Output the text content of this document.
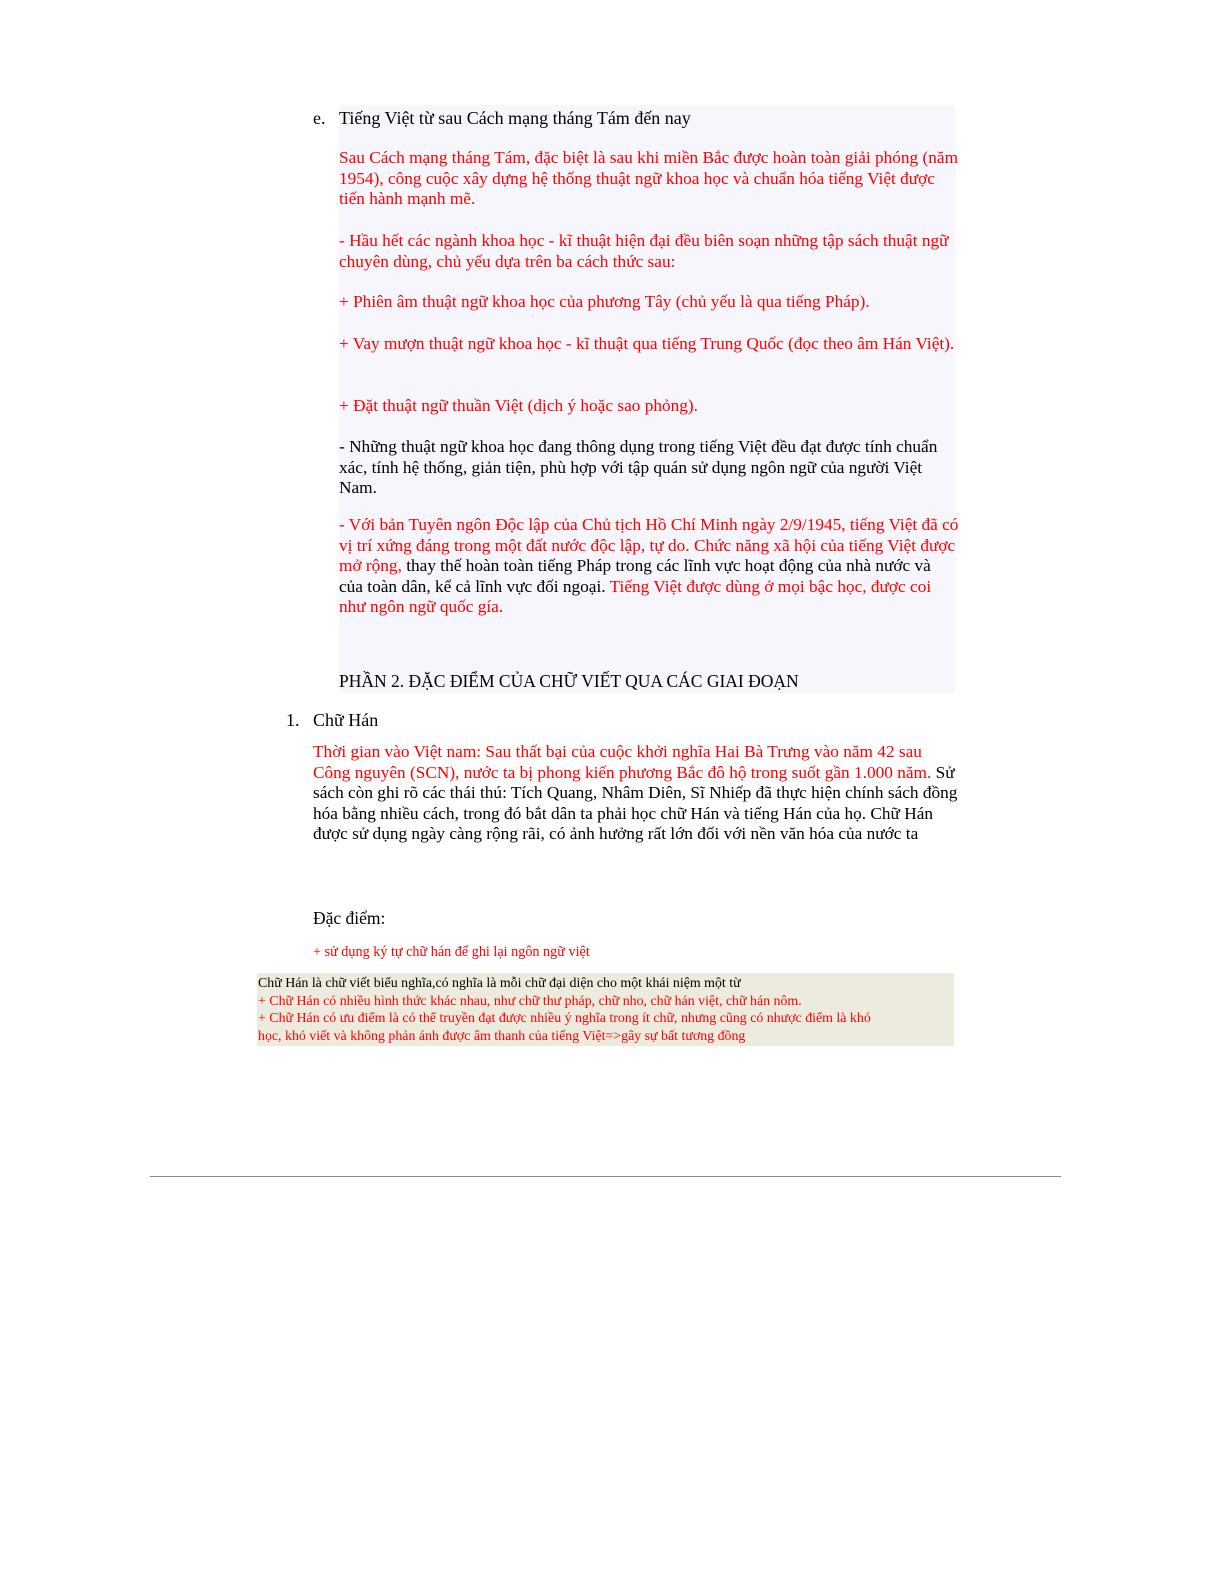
e. Tiếng Việt từ sau Cách mạng tháng Tám đến nay
Sau Cách mạng tháng Tám, đặc biệt là sau khi miền Bắc được hoàn toàn giải phóng (năm 1954), công cuộc xây dựng hệ thống thuật ngữ khoa học và chuẩn hóa tiếng Việt được tiến hành mạnh mẽ.
- Hầu hết các ngành khoa học - kĩ thuật hiện đại đều biên soạn những tập sách thuật ngữ chuyên dùng, chủ yếu dựa trên ba cách thức sau:
+ Phiên âm thuật ngữ khoa học của phương Tây (chủ yếu là qua tiếng Pháp).
+ Vay mượn thuật ngữ khoa học - kĩ thuật qua tiếng Trung Quốc (đọc theo âm Hán Việt).
+ Đặt thuật ngữ thuần Việt (dịch ý hoặc sao phỏng).
- Những thuật ngữ khoa học đang thông dụng trong tiếng Việt đều đạt được tính chuẩn xác, tính hệ thống, giản tiện, phù hợp với tập quán sử dụng ngôn ngữ của người Việt Nam.
- Với bản Tuyên ngôn Độc lập của Chủ tịch Hồ Chí Minh ngày 2/9/1945, tiếng Việt đã có vị trí xứng đáng trong một đất nước độc lập, tự do. Chức năng xã hội của tiếng Việt được mở rộng, thay thế hoàn toàn tiếng Pháp trong các lĩnh vực hoạt động của nhà nước và của toàn dân, kể cả lĩnh vực đối ngoại. Tiếng Việt được dùng ở mọi bậc học, được coi như ngôn ngữ quốc gía.
PHẦN 2. ĐẶC ĐIỂM CỦA CHỮ VIẾT QUA CÁC GIAI ĐOẠN
1. Chữ Hán
Thời gian vào Việt nam: Sau thất bại của cuộc khởi nghĩa Hai Bà Trưng vào năm 42 sau Công nguyên (SCN), nước ta bị phong kiến phương Bắc đô hộ trong suốt gần 1.000 năm. Sử sách còn ghi rõ các thái thú: Tích Quang, Nhâm Diên, Sĩ Nhiếp đã thực hiện chính sách đồng hóa bằng nhiều cách, trong đó bắt dân ta phải học chữ Hán và tiếng Hán của họ. Chữ Hán được sử dụng ngày càng rộng rãi, có ảnh hưởng rất lớn đối với nền văn hóa của nước ta
Đặc điểm:
+ sử dụng ký tự chữ hán để ghi lại ngôn ngữ việt
Chữ Hán là chữ viết biểu nghĩa,có nghĩa là mỗi chữ đại diện cho một khái niệm một từ
+ Chữ Hán có nhiều hình thức khác nhau, như chữ thư pháp, chữ nho, chữ hán việt, chữ hán nôm.
+ Chữ Hán có ưu điểm là có thể truyền đạt được nhiều ý nghĩa trong ít chữ, nhưng cũng có nhược điểm là khó
học, khó viết và không phản ánh được âm thanh của tiếng Việt=>gây sự bất tương đồng
